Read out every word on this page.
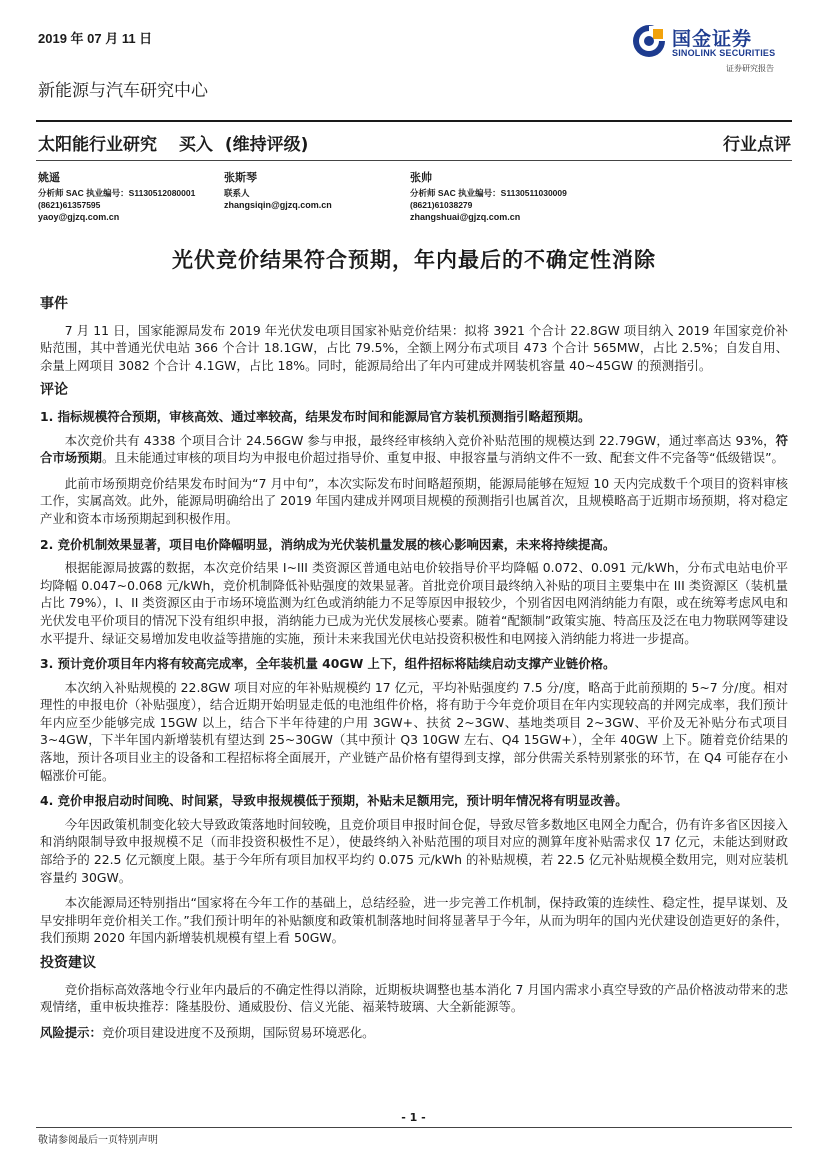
2019 年 07 月 11 日	国金证券
SINOLINK SECURITIES
证券研究报告
新能源与汽车研究中心
太阳能行业研究 买入 (维持评级)	行业点评
姚遥
分析师 SAC 执业编号：S1130512080001
(8621)61357595
yaoy@gjzq.com.cn
张斯琴
联系人
zhangsiqin@gjzq.com.cn
张帅
分析师 SAC 执业编号：S1130511030009
(8621)61038279
zhangshuai@gjzq.com.cn
光伏竞价结果符合预期，年内最后的不确定性消除
事件

7 月 11 日，国家能源局发布 2019 年光伏发电项目国家补贴竞价结果：拟将 3921 个合计 22.8GW 项目纳入 2019 年国家竞价补贴范围，其中普通光伏电站 366 个合计 18.1GW，占比 79.5%，全额上网分布式项目 473 个合计 565MW，占比 2.5%；自发自用、余量上网项目 3082 个合计 4.1GW，占比 18%。同时，能源局给出了年内可建成并网装机容量 40~45GW 的预测指引。

评论
1. 指标规模符合预期，审核高效、通过率较高，结果发布时间和能源局官方装机预测指引略超预期。

本次竞价共有 4338 个项目合计 24.56GW 参与申报，最终经审核纳入竞价补贴范围的规模达到 22.79GW，通过率高达 93%，符合市场预期。且未能通过审核的项目均为申报电价超过指导价、重复申报、申报容量与消纳文件不一致、配套文件不完备等“低级错误”。

此前市场预期竞价结果发布时间为“7 月中旬”，本次实际发布时间略超预期，能源局能够在短短 10 天内完成数千个项目的资料审核工作，实属高效。此外，能源局明确给出了 2019 年国内建成并网项目规模的预测指引也属首次，且规模略高于近期市场预期，将对稳定产业和资本市场预期起到积极作用。

2. 竞价机制效果显著，项目电价降幅明显，消纳成为光伏装机量发展的核心影响因素，未来将持续提高。

根据能源局披露的数据，本次竞价结果 I~III 类资源区普通电站电价较指导价平均降幅 0.072、0.091 元/kWh，分布式电站电价平均降幅 0.047~0.068 元/kWh，竞价机制降低补贴强度的效果显著。首批竞价项目最终纳入补贴的项目主要集中在 III 类资源区（装机量占比 79%），I、II 类资源区由于市场环境监测为红色或消纳能力不足等原因申报较少，个别省因电网消纳能力有限，或在统筹考虑风电和光伏发电平价项目的情况下没有组织申报，消纳能力已成为光伏发展核心要素。随着“配额制”政策实施、特高压及泛在电力物联网等建设水平提升、绿证交易增加发电收益等措施的实施，预计未来我国光伏电站投资积极性和电网接入消纳能力将进一步提高。

3. 预计竞价项目年内将有较高完成率，全年装机量 40GW 上下，组件招标将陆续启动支撑产业链价格。

本次纳入补贴规模的 22.8GW 项目对应的年补贴规模约 17 亿元，平均补贴强度约 7.5 分/度，略高于此前预期的 5~7 分/度。相对理性的申报电价（补贴强度），结合近期开始明显走低的电池组件价格，将有助于今年竞价项目在年内实现较高的并网完成率，我们预计年内应至少能够完成 15GW 以上，结合下半年待建的户用 3GW+、扶贫 2~3GW、基地类项目 2~3GW、平价及无补贴分布式项目 3~4GW，下半年国内新增装机有望达到 25~30GW（其中预计 Q3 10GW 左右、Q4 15GW+），全年 40GW 上下。随着竞价结果的落地，预计各项目业主的设备和工程招标将全面展开，产业链产品价格有望得到支撑，部分供需关系特别紧张的环节，在 Q4 可能存在小幅涨价可能。

4. 竞价申报启动时间晚、时间紧，导致申报规模低于预期，补贴未足额用完，预计明年情况将有明显改善。

今年因政策机制变化较大导致政策落地时间较晚，且竞价项目申报时间仓促，导致尽管多数地区电网全力配合，仍有许多省区因接入和消纳限制导致申报规模不足（而非投资积极性不足），使最终纳入补贴范围的项目对应的测算年度补贴需求仅 17 亿元，未能达到财政部给予的 22.5 亿元额度上限。基于今年所有项目加权平均约 0.075 元/kWh 的补贴规模，若 22.5 亿元补贴规模全数用完，则对应装机容量约 30GW。

本次能源局还特别指出“国家将在今年工作的基础上，总结经验，进一步完善工作机制，保持政策的连续性、稳定性，提早谋划、及早安排明年竞价相关工作。”我们预计明年的补贴额度和政策机制落地时间将显著早于今年，从而为明年的国内光伏建设创造更好的条件，我们预期 2020 年国内新增装机规模有望上看 50GW。

投资建议

竞价指标高效落地令行业年内最后的不确定性得以消除，近期板块调整也基本消化 7 月国内需求小真空导致的产品价格波动带来的悲观情绪，重申板块推荐：隆基股份、通威股份、信义光能、福莱特玻璃、大全新能源等。

风险提示：竞价项目建设进度不及预期，国际贸易环境恶化。
- 1 -
敬请参阅最后一页特别声明
